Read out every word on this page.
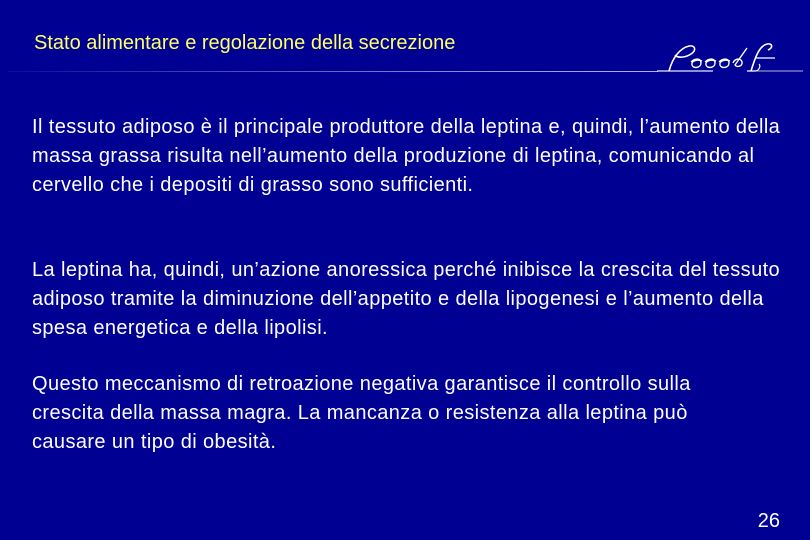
Stato alimentare e regolazione della secrezione
Il tessuto adiposo è il principale produttore della leptina e, quindi, l’aumento della massa grassa risulta nell’aumento della produzione di leptina, comunicando al cervello che i depositi di grasso sono sufficienti.
La leptina ha, quindi, un’azione anoressica perché inibisce la crescita del tessuto adiposo tramite la diminuzione dell’appetito e della lipogenesi e l’aumento della spesa energetica e della lipolisi.
Questo meccanismo di retroazione negativa garantisce il controllo sulla crescita della massa magra. La mancanza o resistenza alla leptina può causare un tipo di obesità.
26
